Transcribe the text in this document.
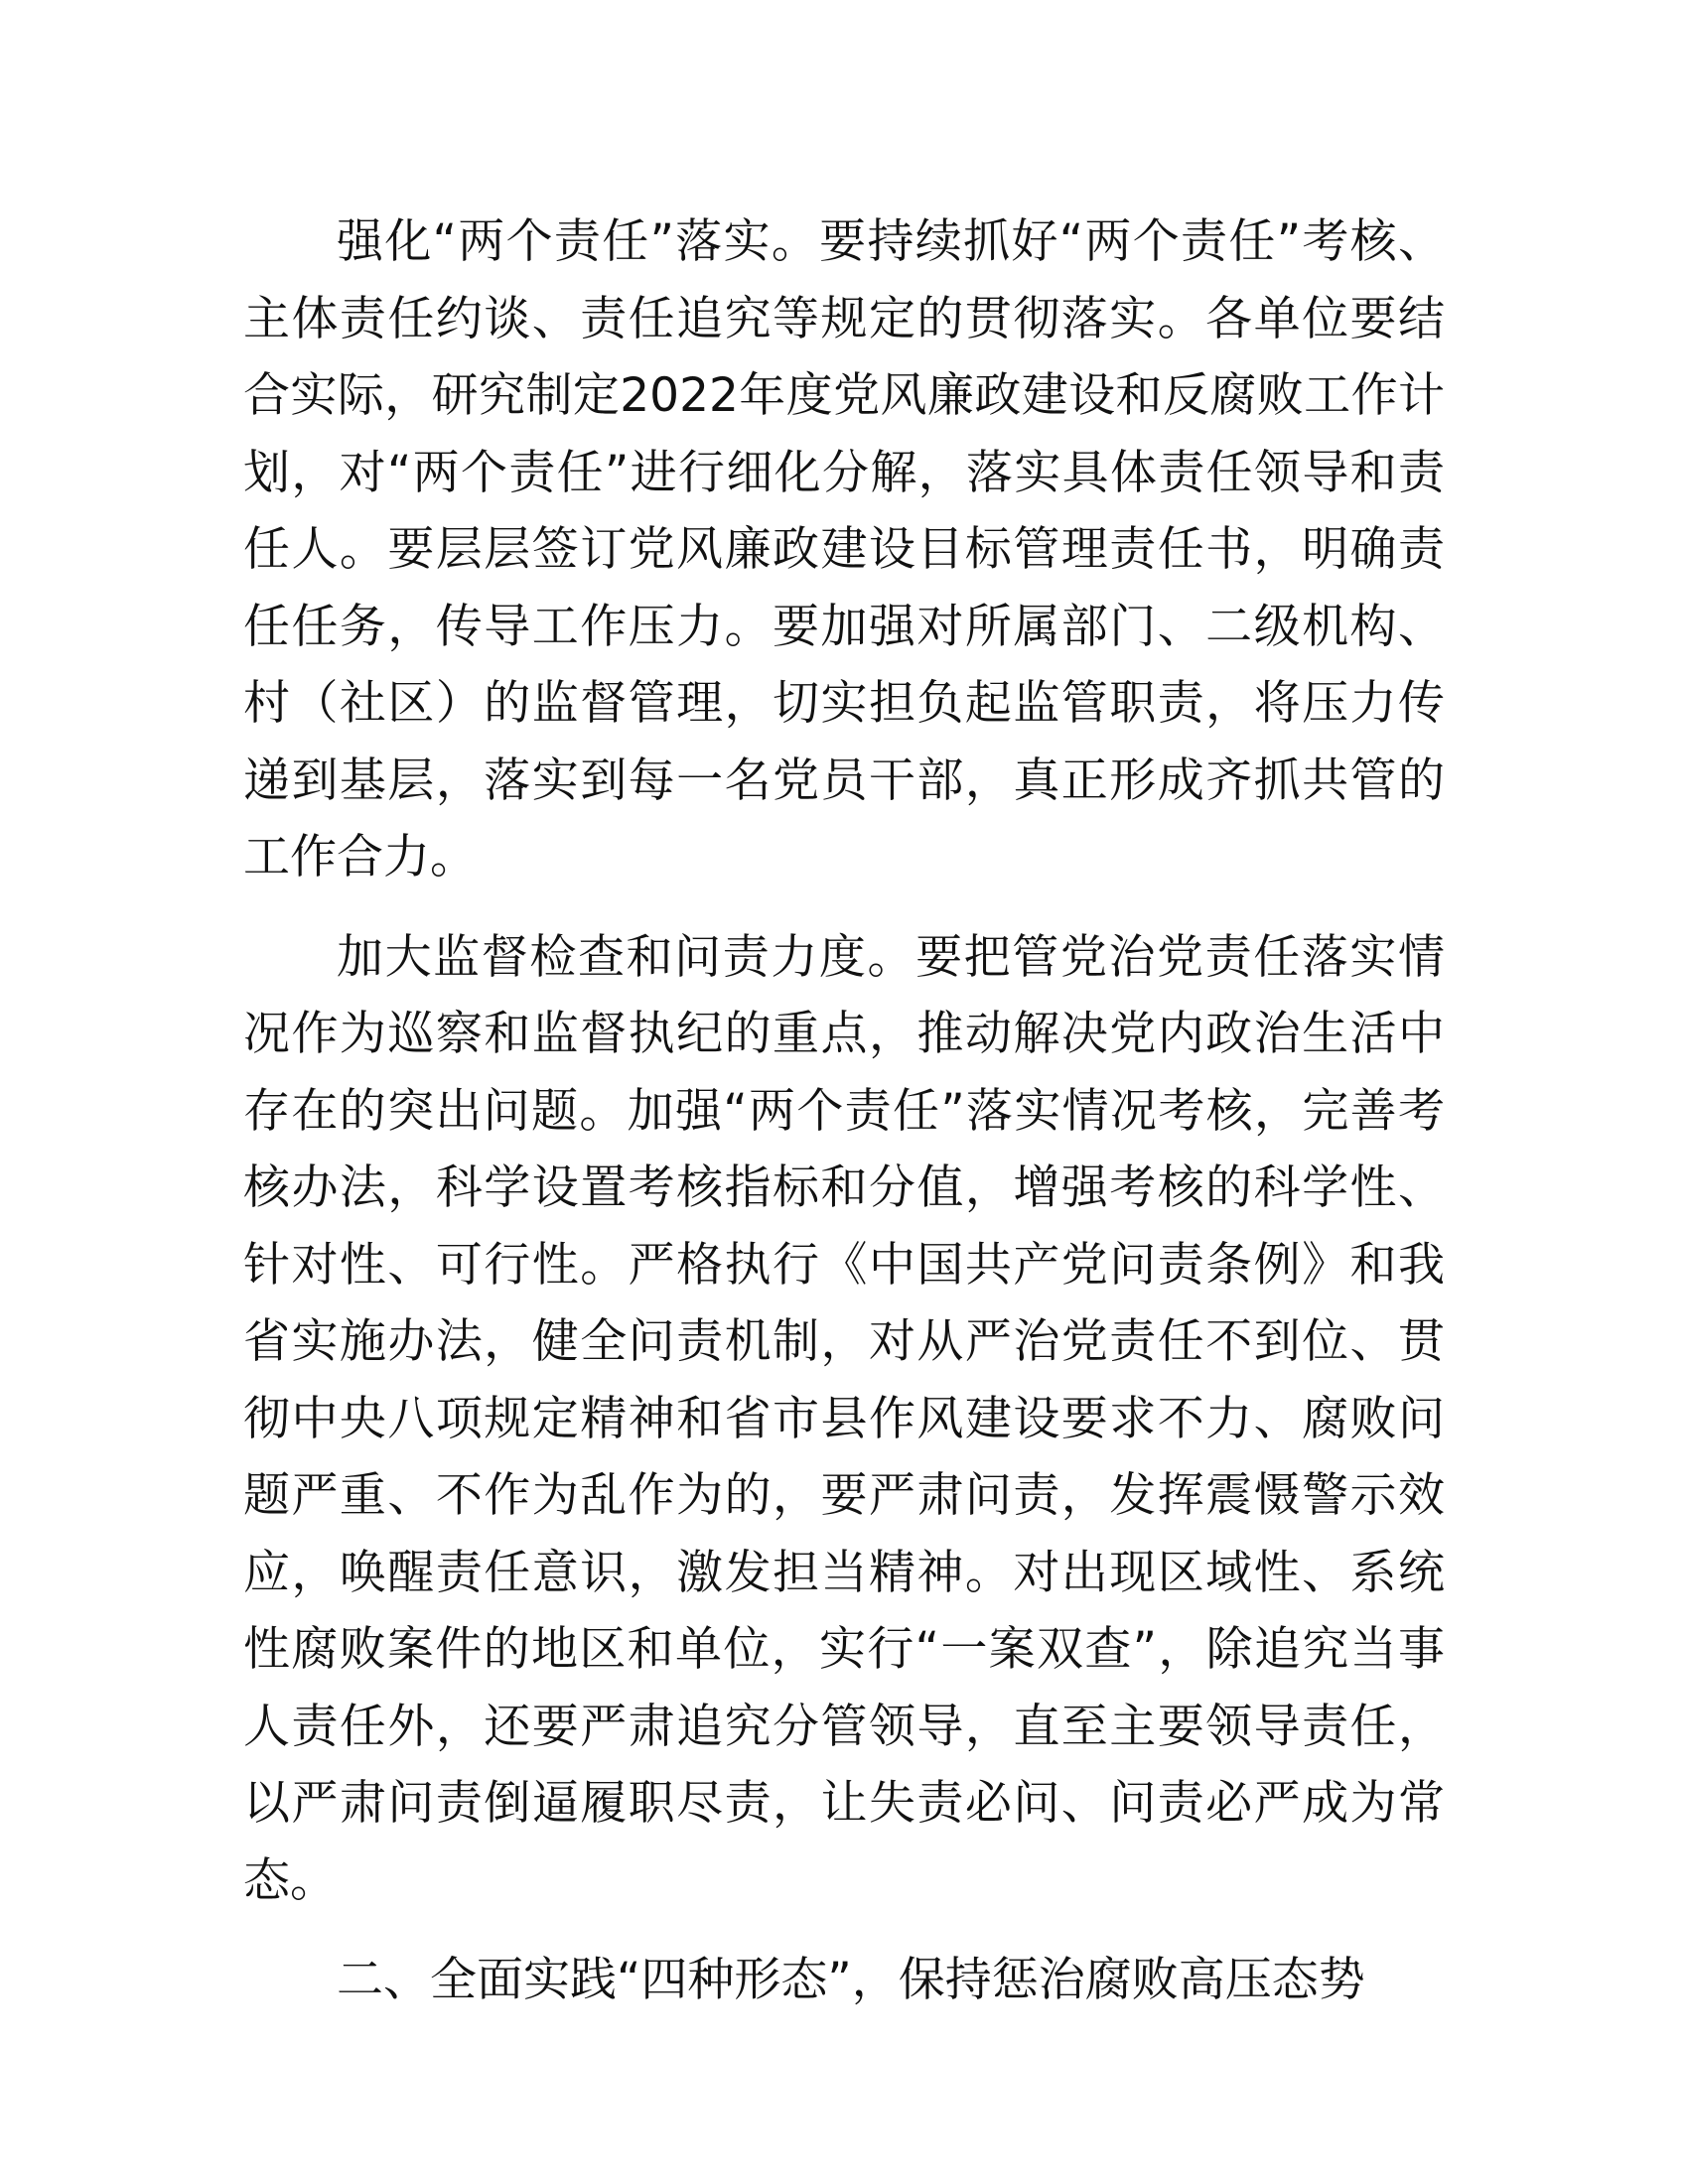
强化“两个责任”落实。要持续抓好“两个责任”考核、主体责任约谈、责任追究等规定的贯彻落实。各单位要结合实际，研究制定2022年度党风廉政建设和反腐败工作计划，对“两个责任”进行细化分解，落实具体责任领导和责任人。要层层签订党风廉政建设目标管理责任书，明确责任任务，传导工作压力。要加强对所属部门、二级机构、村（社区）的监督管理，切实担负起监管职责，将压力传递到基层，落实到每一名党员干部，真正形成齐抓共管的工作合力。

加大监督检查和问责力度。要把管党治党责任落实情况作为巡察和监督执纪的重点，推动解决党内政治生活中存在的突出问题。加强“两个责任”落实情况考核，完善考核办法，科学设置考核指标和分值，增强考核的科学性、针对性、可行性。严格执行《中国共产党问责条例》和我省实施办法，健全问责机制，对从严治党责任不到位、贯彻中央八项规定精神和省市县作风建设要求不力、腐败问题严重、不作为乱作为的，要严肃问责，发挥震慑警示效应，唤醒责任意识，激发担当精神。对出现区域性、系统性腐败案件的地区和单位，实行“一案双查”，除追究当事人责任外，还要严肃追究分管领导，直至主要领导责任，以严肃问责倒逼履职尽责，让失责必问、问责必严成为常态。

二、全面实践“四种形态”，保持惩治腐败高压态势
